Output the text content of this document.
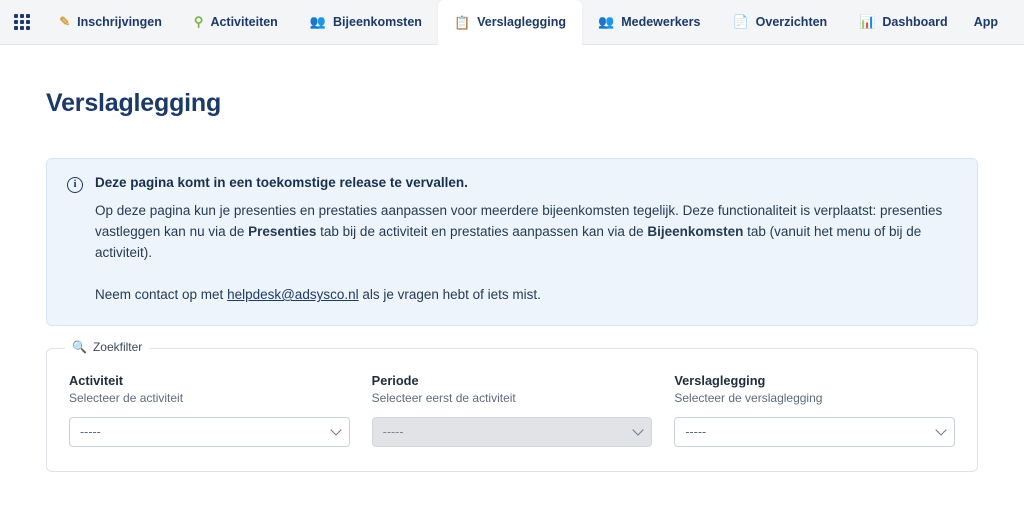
✎ Inschrijvingen ⚲ Activiteiten 👥 Bijeenkomsten 📋 Verslaglegging 👥 Medewerkers 📄 Overzichten 📊 Dashboard App
Verslaglegging
i	Deze pagina komt in een toekomstige release te vervallen.
Op deze pagina kun je presenties en prestaties aanpassen voor meerdere bijeenkomsten tegelijk. Deze functionaliteit is verplaatst: presenties vastleggen kan nu via de Presenties tab bij de activiteit en prestaties aanpassen kan via de Bijeenkomsten tab (vanuit het menu of bij de activiteit).
Neem contact op met helpdesk@adsysco.nl als je vragen hebt of iets mist.
🔍 Zoekfilter
Activiteit
Selecteer de activiteit
-----
Periode
Selecteer eerst de activiteit
-----
Verslaglegging
Selecteer de verslaglegging
-----
